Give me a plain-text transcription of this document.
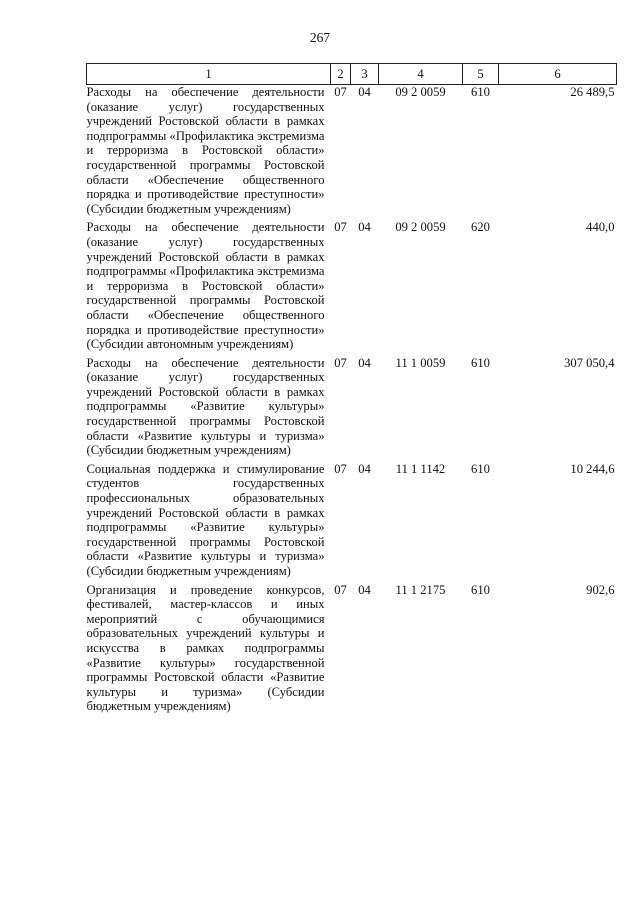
267
1	2	3	4	5	6
Расходы на обеспечение деятельности (оказание услуг) государственных учреждений Ростовской области в рамках подпрограммы «Профилактика экстремизма и терроризма в Ростовской области» государственной программы Ростовской области «Обеспечение общественного порядка и противодействие преступности» (Субсидии бюджетным учреждениям)	07	04	09 2 0059	610	26 489,5
Расходы на обеспечение деятельности (оказание услуг) государственных учреждений Ростовской области в рамках подпрограммы «Профилактика экстремизма и терроризма в Ростовской области» государственной программы Ростовской области «Обеспечение общественного порядка и противодействие преступности» (Субсидии автономным учреждениям)	07	04	09 2 0059	620	440,0
Расходы на обеспечение деятельности (оказание услуг) государственных учреждений Ростовской области в рамках подпрограммы «Развитие культуры» государственной программы Ростовской области «Развитие культуры и туризма» (Субсидии бюджетным учреждениям)	07	04	11 1 0059	610	307 050,4
Социальная поддержка и стимулирование студентов государственных профессиональных образовательных учреждений Ростовской области в рамках подпрограммы «Развитие культуры» государственной программы Ростовской области «Развитие культуры и туризма» (Субсидии бюджетным учреждениям)	07	04	11 1 1142	610	10 244,6
Организация и проведение конкурсов, фестивалей, мастер-классов и иных мероприятий с обучающимися образовательных учреждений культуры и искусства в рамках подпрограммы «Развитие культуры» государственной программы Ростовской области «Развитие культуры и туризма» (Субсидии бюджетным учреждениям)	07	04	11 1 2175	610	902,6
